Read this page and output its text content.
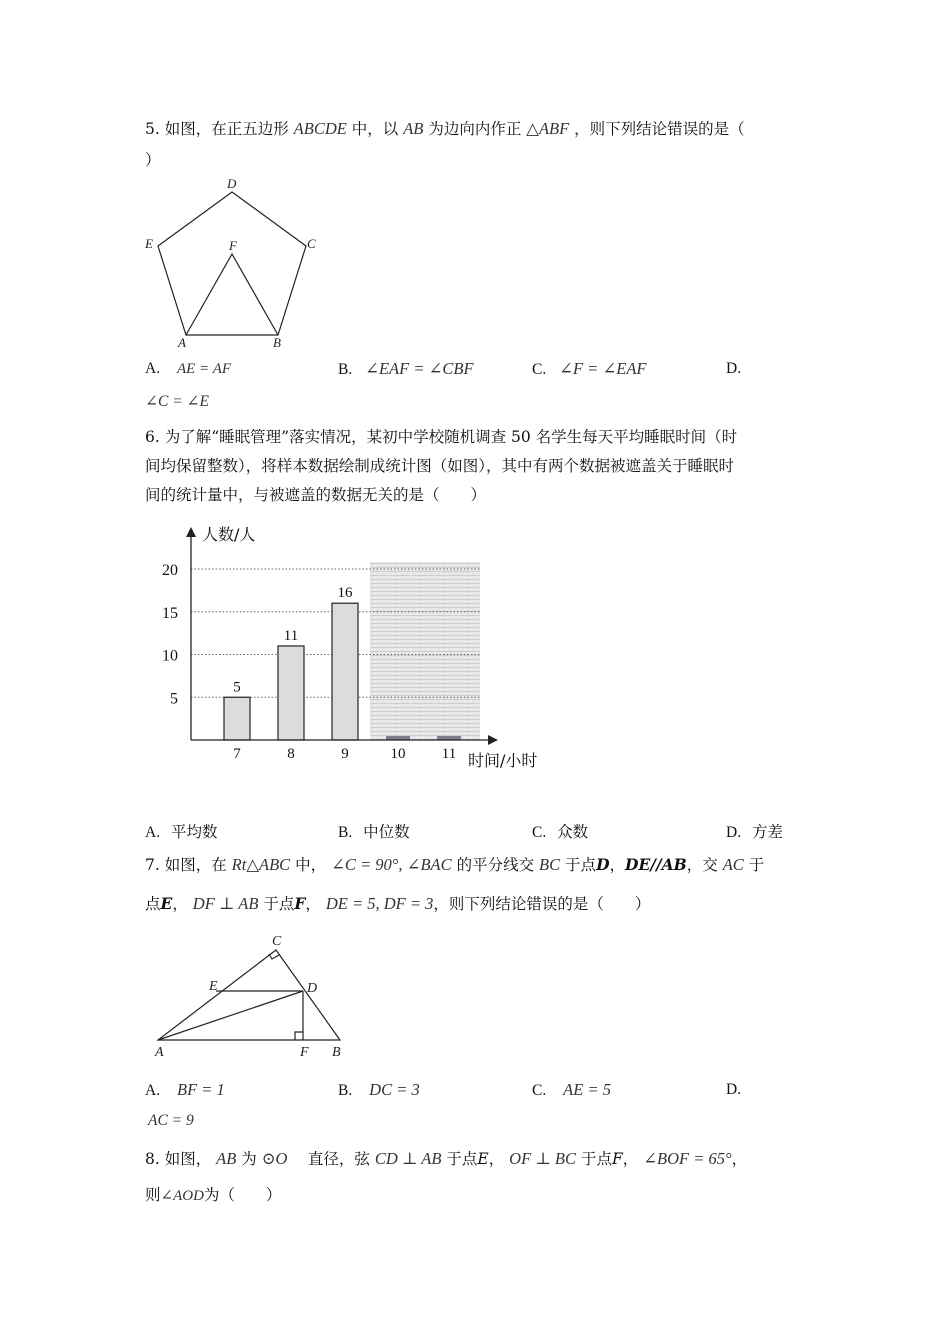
5. 如图，在正五边形 ABCDE 中，以 AB 为边向内作正 △ABF ，则下列结论错误的是（
）
A	B
C
D
E	F
A. AE = AF	B. ∠EAF = ∠CBF	C. ∠F = ∠EAF	D.
∠C = ∠E
6. 为了解“睡眠管理”落实情况，某初中学校随机调查 50 名学生每天平均睡眠时间（时
间均保留整数），将样本数据绘制成统计图（如图），其中有两个数据被遮盖关于睡眠时
间的统计量中，与被遮盖的数据无关的是（　　）
5
11
16
5
10
15
20
7	8	9	10 11
人数/人
时间/小时
A. 平均数	B. 中位数	C. 众数	D. 方差
7. 如图，在 Rt△ABC 中， ∠C = 90°, ∠BAC 的平分线交 BC 于点D，DE//AB，交 AC 于
点E， DF ⊥ AB 于点F， DE = 5, DF = 3，则下列结论错误的是（　　）
A	B
C
D
E
F
A. BF = 1	B. DC = 3	C. AE = 5	D.
AC = 9
8. 如图， AB 为 ⊙O 　直径，弦 CD ⊥ AB 于点E， OF ⊥ BC 于点F， ∠BOF = 65°，
则∠AOD为（　　）
